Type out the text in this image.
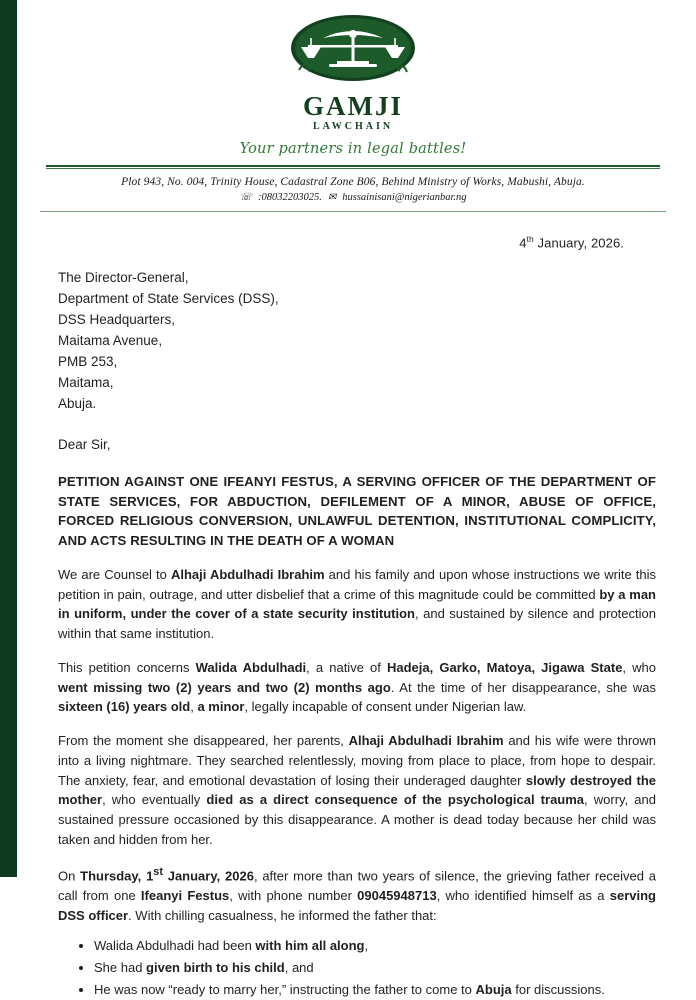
GAMJI
LAWCHAIN
Your partners in legal battles!
Plot 943, No. 004, Trinity House, Cadastral Zone B06, Behind Ministry of Works, Mabushi, Abuja.
☏ :08032203025. ✉ hussainisani@nigerianbar.ng
4th January, 2026.
The Director-General,
Department of State Services (DSS),
DSS Headquarters,
Maitama Avenue,
PMB 253,
Maitama,
Abuja.
Dear Sir,
PETITION AGAINST ONE IFEANYI FESTUS, A SERVING OFFICER OF THE DEPARTMENT OF STATE SERVICES, FOR ABDUCTION, DEFILEMENT OF A MINOR, ABUSE OF OFFICE, FORCED RELIGIOUS CONVERSION, UNLAWFUL DETENTION, INSTITUTIONAL COMPLICITY, AND ACTS RESULTING IN THE DEATH OF A WOMAN
We are Counsel to Alhaji Abdulhadi Ibrahim and his family and upon whose instructions we write this petition in pain, outrage, and utter disbelief that a crime of this magnitude could be committed by a man in uniform, under the cover of a state security institution, and sustained by silence and protection within that same institution.
This petition concerns Walida Abdulhadi, a native of Hadeja, Garko, Matoya, Jigawa State, who went missing two (2) years and two (2) months ago. At the time of her disappearance, she was sixteen (16) years old, a minor, legally incapable of consent under Nigerian law.
From the moment she disappeared, her parents, Alhaji Abdulhadi Ibrahim and his wife were thrown into a living nightmare. They searched relentlessly, moving from place to place, from hope to despair. The anxiety, fear, and emotional devastation of losing their underaged daughter slowly destroyed the mother, who eventually died as a direct consequence of the psychological trauma, worry, and sustained pressure occasioned by this disappearance. A mother is dead today because her child was taken and hidden from her.
On Thursday, 1st January, 2026, after more than two years of silence, the grieving father received a call from one Ifeanyi Festus, with phone number 09045948713, who identified himself as a serving DSS officer. With chilling casualness, he informed the father that:
• Walida Abdulhadi had been with him all along,
• She had given birth to his child, and
• He was now “ready to marry her,” instructing the father to come to Abuja for discussions.
